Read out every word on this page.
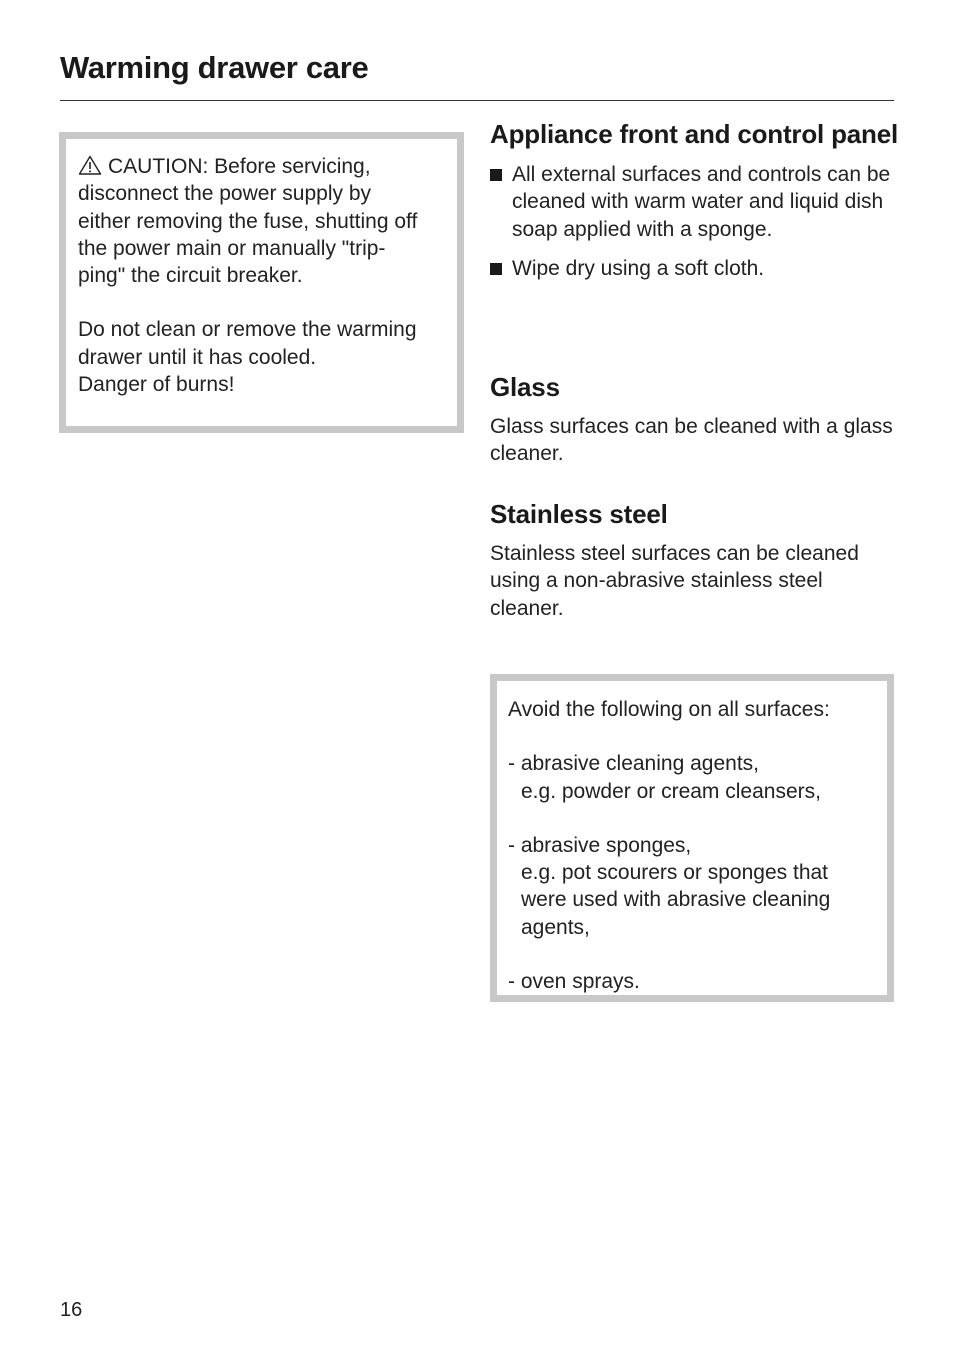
Warming drawer care

CAUTION: Before servicing,
disconnect the power supply by
either removing the fuse, shutting off
the power main or manually "trip-
ping" the circuit breaker.

Do not clean or remove the warming
drawer until it has cooled.
Danger of burns!

Appliance front and control panel
All external surfaces and controls can be cleaned with warm water and liquid dish soap applied with a sponge.
Wipe dry using a soft cloth.
Glass

Glass surfaces can be cleaned with a glass cleaner.

Stainless steel

Stainless steel surfaces can be cleaned using a non-abrasive stainless steel cleaner.

Avoid the following on all surfaces:

- abrasive cleaning agents,
e.g. powder or cream cleansers,
- abrasive sponges,
e.g. pot scourers or sponges that
were used with abrasive cleaning
agents,
- oven sprays.
16
